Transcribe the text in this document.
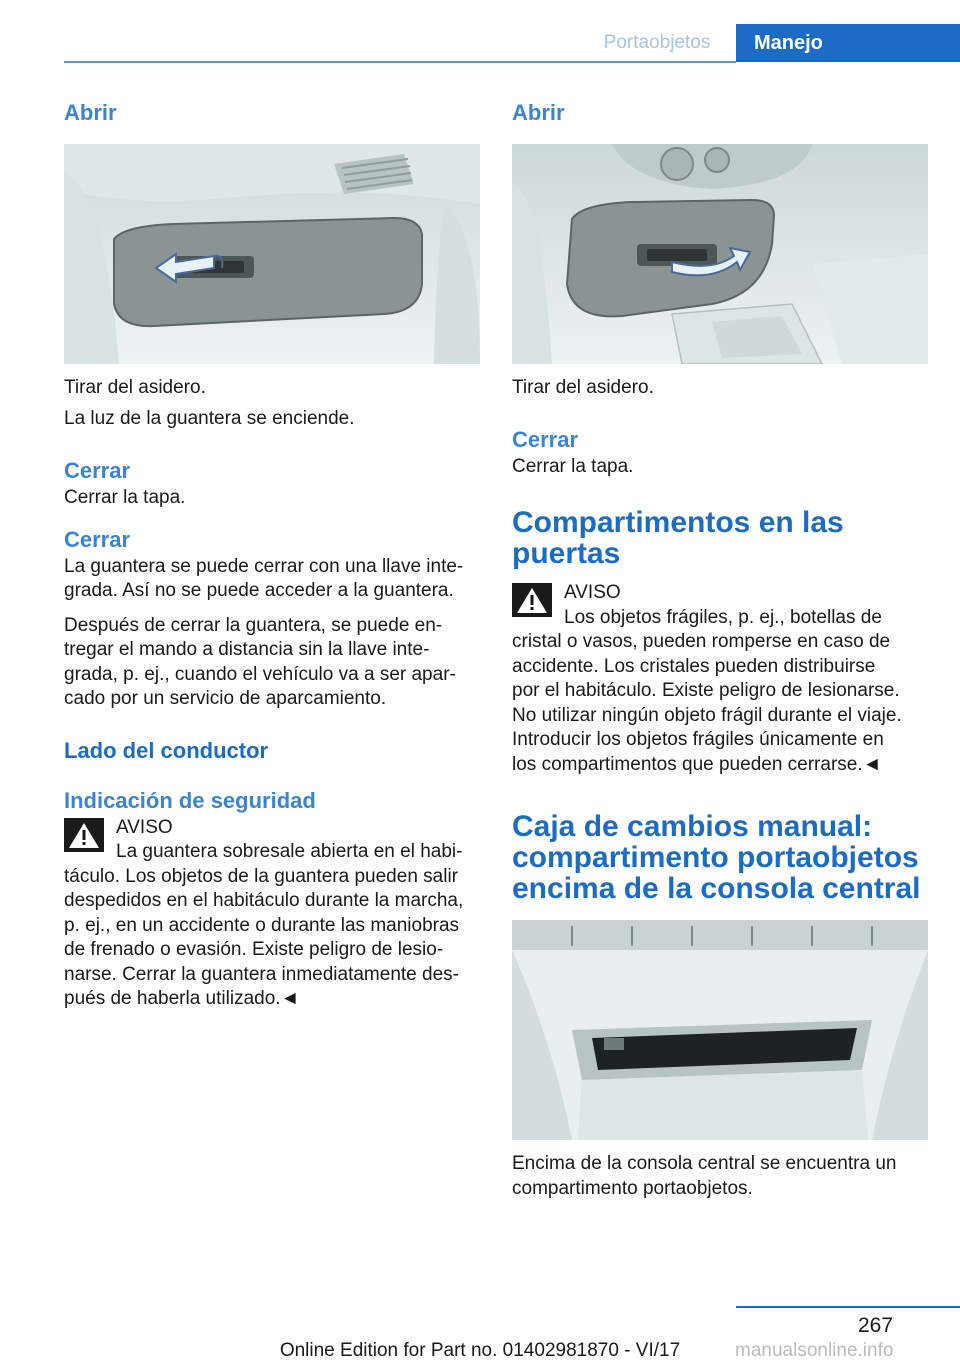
Portaobjetos	Manejo
Abrir

Tirar del asidero.

La luz de la guantera se enciende.

Cerrar

Cerrar la tapa.

Cerrar

La guantera se puede cerrar con una llave inte‐

grada. Así no se puede acceder a la guantera.

Después de cerrar la guantera, se puede en‐

tregar el mando a distancia sin la llave inte‐

grada, p. ej., cuando el vehículo va a ser apar‐

cado por un servicio de aparcamiento.

Lado del conductor
Indicación de seguridad

AVISO

La guantera sobresale abierta en el habi‐

táculo. Los objetos de la guantera pueden salir

despedidos en el habitáculo durante la marcha,

p. ej., en un accidente o durante las maniobras

de frenado o evasión. Existe peligro de lesio‐

narse. Cerrar la guantera inmediatamente des‐

pués de haberla utilizado.◄

Abrir

Tirar del asidero.

Cerrar

Cerrar la tapa.

Compartimentos en las
puertas

AVISO

Los objetos frágiles, p. ej., botellas de

cristal o vasos, pueden romperse en caso de

accidente. Los cristales pueden distribuirse

por el habitáculo. Existe peligro de lesionarse.

No utilizar ningún objeto frágil durante el viaje.

Introducir los objetos frágiles únicamente en

los compartimentos que pueden cerrarse.◄

Caja de cambios manual:
compartimento portaobjetos
encima de la consola central

Encima de la consola central se encuentra un

compartimento portaobjetos.

267
Online Edition for Part no. 01402981870 - VI/17	manualsonline.info
